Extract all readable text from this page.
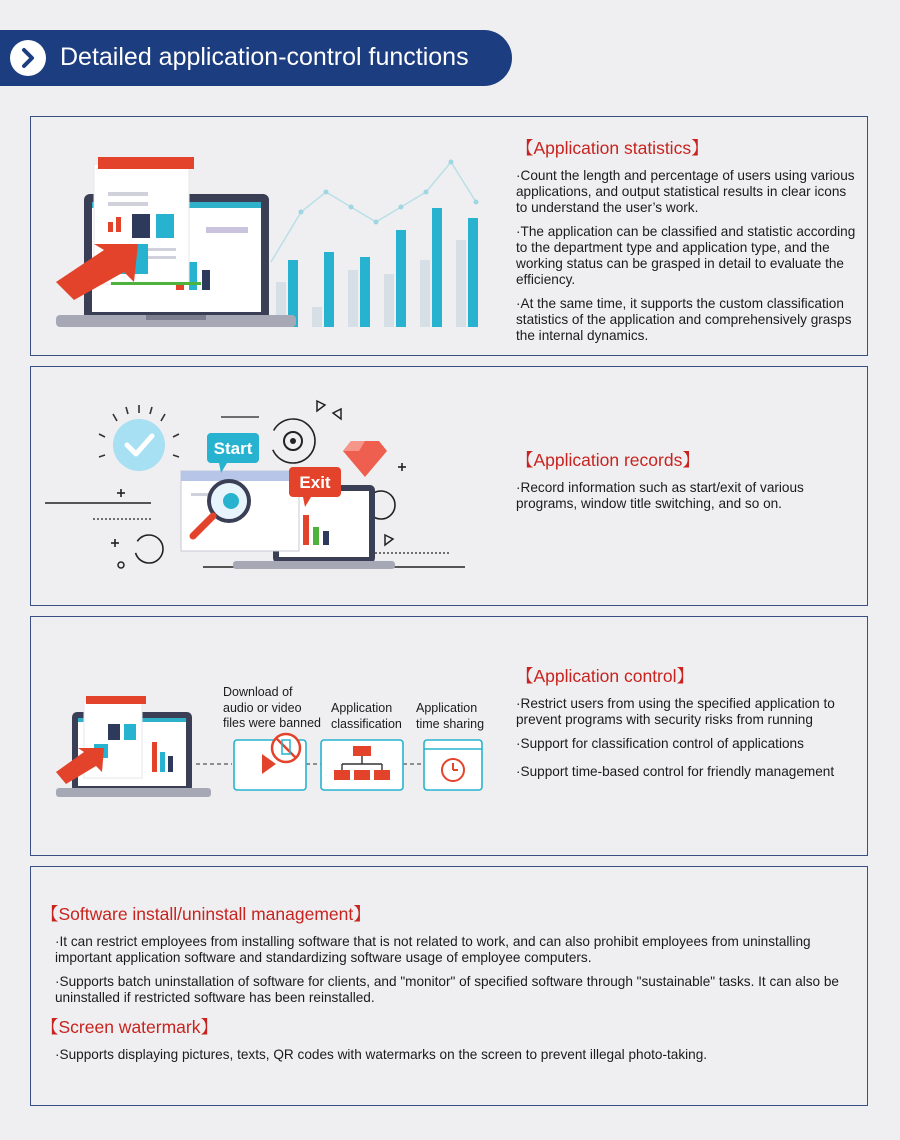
Detailed application-control functions
【Application statistics】
·Count the length and percentage of users using various applications, and output statistical results in clear icons to understand the user’s work.
·The application can be classified and statistic according to the department type and application type, and the working status can be grasped in detail to evaluate the efficiency.
·At the same time, it supports the custom classification statistics of the application and comprehensively grasps the internal dynamics.
Start
Exit
【Application records】
·Record information such as start/exit of various programs, window title switching, and so on.
Download of audio or video files were banned
Application classification
Application time sharing
【Application control】
·Restrict users from using the specified application to prevent programs with security risks from running
·Support for classification control of applications
·Support time-based control for friendly management
【Software install/uninstall management】
·It can restrict employees from installing software that is not related to work, and can also prohibit employees from uninstalling important application software and standardizing software usage of employee computers.
·Supports batch uninstallation of software for clients, and "monitor" of specified software through "sustainable" tasks. It can also be uninstalled if restricted software has been reinstalled.
【Screen watermark】
·Supports displaying pictures, texts, QR codes with watermarks on the screen to prevent illegal photo-taking.
